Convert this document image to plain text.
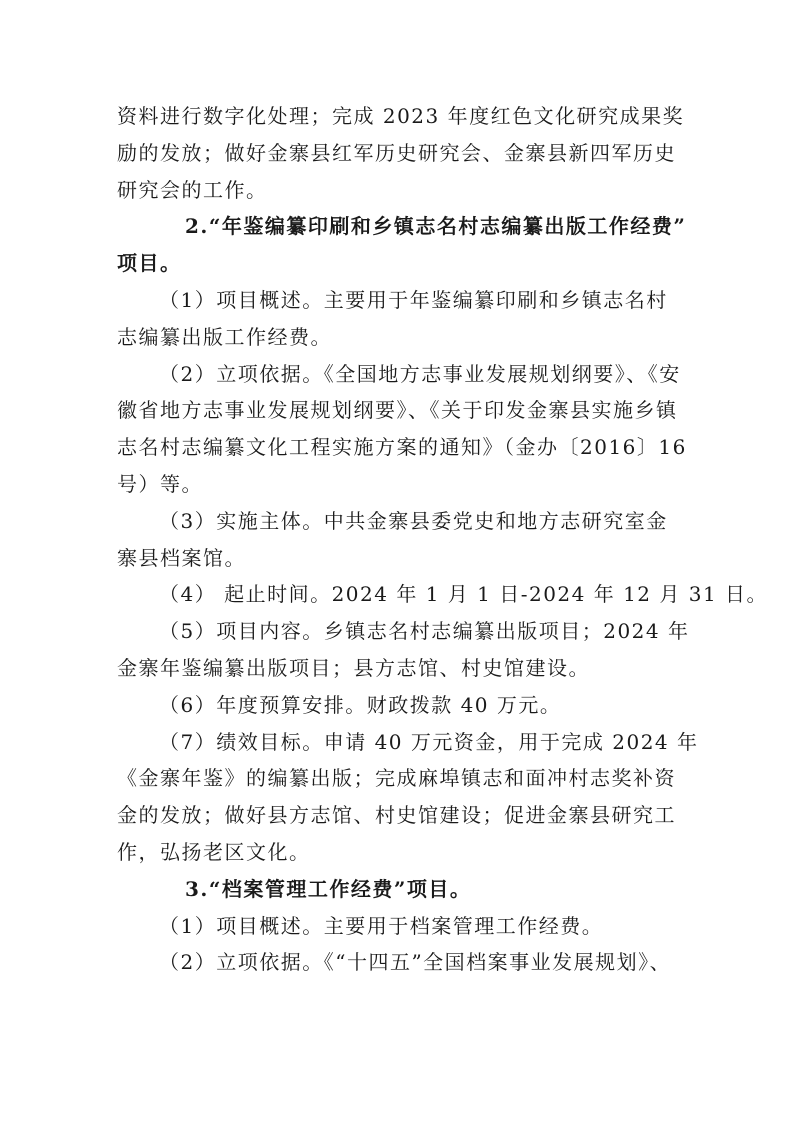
资料进行数字化处理；完成 2023 年度红色文化研究成果奖
励的发放；做好金寨县红军历史研究会、金寨县新四军历史
研究会的工作。

2.“年鉴编纂印刷和乡镇志名村志编纂出版工作经费”
项目。

（1）项目概述。主要用于年鉴编纂印刷和乡镇志名村
志编纂出版工作经费。

（2）立项依据。《全国地方志事业发展规划纲要》、《安
徽省地方志事业发展规划纲要》、《关于印发金寨县实施乡镇
志名村志编纂文化工程实施方案的通知》（金办〔2016〕16
号）等。

（3）实施主体。中共金寨县委党史和地方志研究室金
寨县档案馆。

（4） 起止时间。2024 年 1 月 1 日-2024 年 12 月 31 日。

（5）项目内容。乡镇志名村志编纂出版项目；2024 年
金寨年鉴编纂出版项目；县方志馆、村史馆建设。

（6）年度预算安排。财政拨款 40 万元。

（7）绩效目标。申请 40 万元资金，用于完成 2024 年
《金寨年鉴》的编纂出版；完成麻埠镇志和面冲村志奖补资
金的发放；做好县方志馆、村史馆建设；促进金寨县研究工
作，弘扬老区文化。

3.“档案管理工作经费”项目。

（1）项目概述。主要用于档案管理工作经费。

（2）立项依据。《“十四五”全国档案事业发展规划》、
